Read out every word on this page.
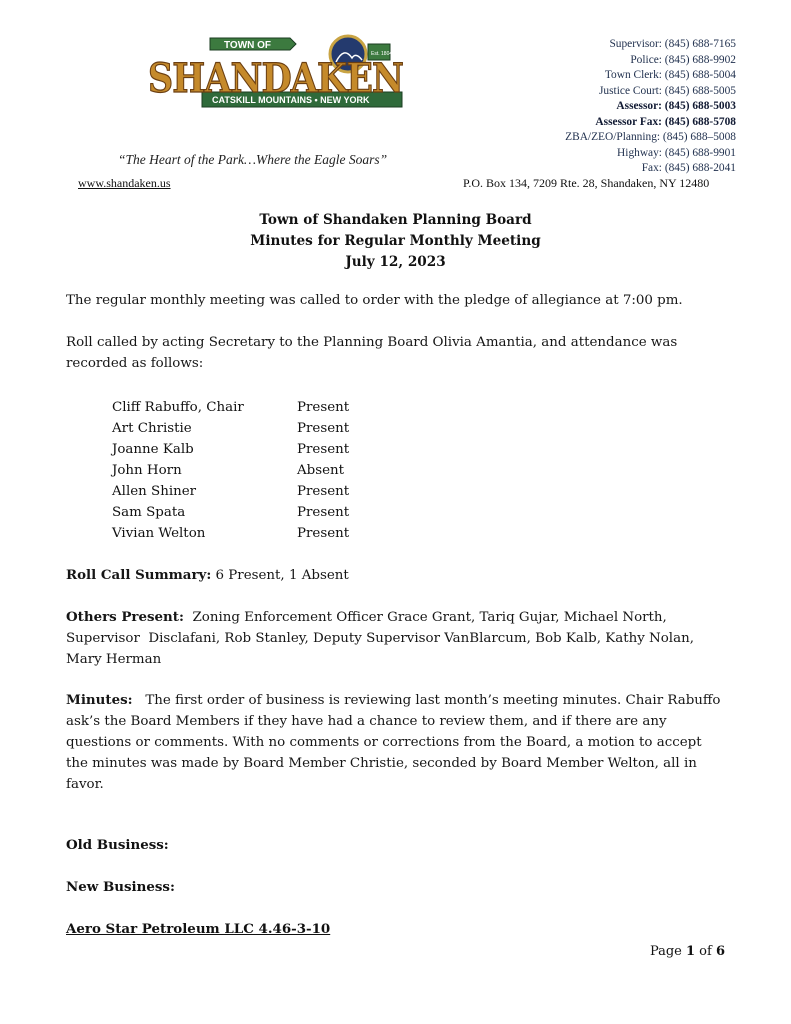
SHANDAKEN
TOWN OF
CATSKILL MOUNTAINS • NEW YORK
Est. 1804
“The Heart of the Park…Where the Eagle Soars”
www.shandaken.us
Supervisor: (845) 688-7165
Police: (845) 688-9902
Town Clerk: (845) 688-5004
Justice Court: (845) 688-5005
Assessor: (845) 688-5003
Assessor Fax: (845) 688-5708
ZBA/ZEO/Planning: (845) 688–5008
Highway: (845) 688-9901
Fax: (845) 688-2041
P.O. Box 134, 7209 Rte. 28, Shandaken, NY 12480
Town of Shandaken Planning Board
Minutes for Regular Monthly Meeting
July 12, 2023
The regular monthly meeting was called to order with the pledge of allegiance at 7:00 pm.
Roll called by acting Secretary to the Planning Board Olivia Amantia, and attendance was recorded as follows:
Cliff Rabuffo, Chair	Present
Art Christie	Present
Joanne Kalb	Present
John Horn	Absent
Allen Shiner	Present
Sam Spata	Present
Vivian Welton	Present
Roll Call Summary: 6 Present, 1 Absent
Others Present:  Zoning Enforcement Officer Grace Grant, Tariq Gujar, Michael North, Supervisor  Disclafani, Rob Stanley, Deputy Supervisor VanBlarcum, Bob Kalb, Kathy Nolan, Mary Herman
Minutes:   The first order of business is reviewing last month’s meeting minutes. Chair Rabuffo ask’s the Board Members if they have had a chance to review them, and if there are any questions or comments. With no comments or corrections from the Board, a motion to accept the minutes was made by Board Member Christie, seconded by Board Member Welton, all in favor.
Old Business:
New Business:
Aero Star Petroleum LLC 4.46-3-10
Page 1 of 6
